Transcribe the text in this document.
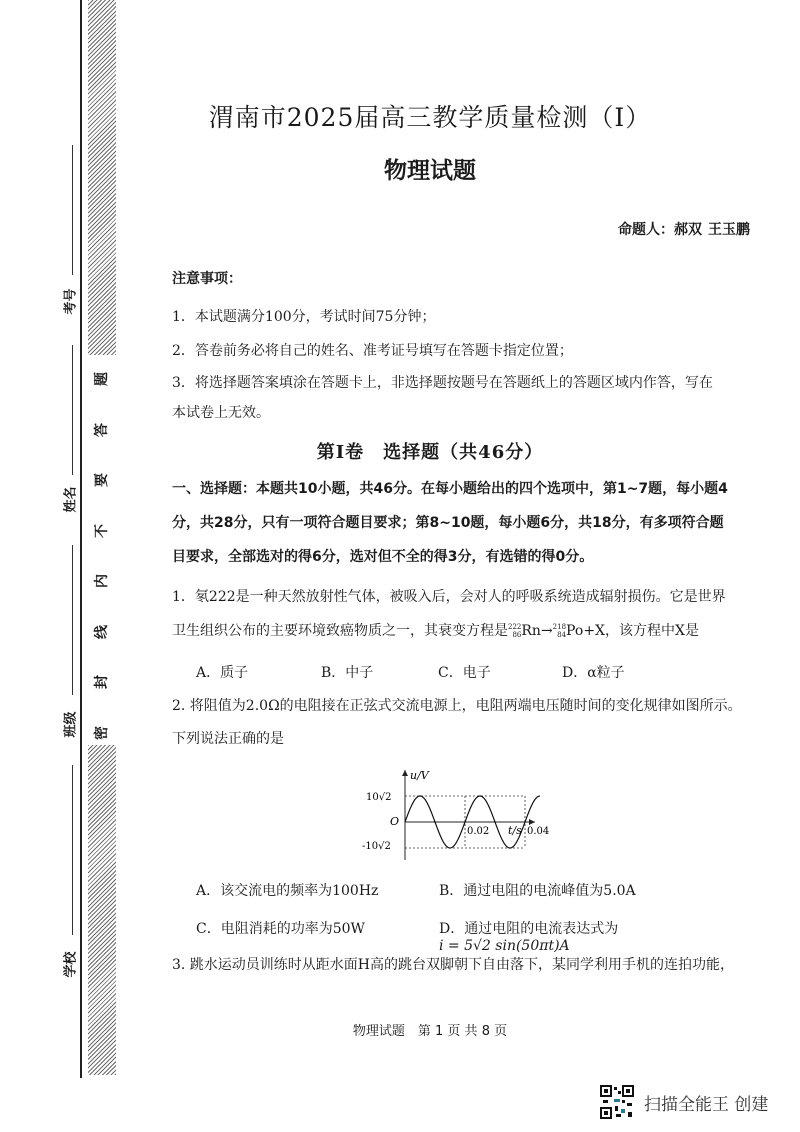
题
答
要
不
内
线
封
密
考号
姓名
班级
学校
渭南市2025届高三教学质量检测（Ⅰ）
物理试题
命题人：郝双 王玉鹏
注意事项：
1．本试题满分100分，考试时间75分钟；
2．答卷前务必将自己的姓名、准考证号填写在答题卡指定位置；
3．将选择题答案填涂在答题卡上，非选择题按题号在答题纸上的答题区域内作答，写在
本试卷上无效。
第Ⅰ卷　选择题（共46分）
一、选择题：本题共10小题，共46分。在每小题给出的四个选项中，第1~7题，每小题4
分，共28分，只有一项符合题目要求；第8~10题，每小题6分，共18分，有多项符合题
目要求，全部选对的得6分，选对但不全的得3分，有选错的得0分。
1．氡222是一种天然放射性气体，被吸入后，会对人的呼吸系统造成辐射损伤。它是世界
卫生组织公布的主要环境致癌物质之一，其衰变方程是 222
86 Rn→ 218
84 Po+X，该方程中X是
A．质子	B．中子	C．电子	D．α粒子
2. 将阻值为2.0Ω的电阻接在正弦式交流电源上，电阻两端电压随时间的变化规律如图所示。
下列说法正确的是
u/V
t/s
O
10√2
-10√2
0.02	0.04
A．该交流电的频率为100Hz	B．通过电阻的电流峰值为5.0A
C．电阻消耗的功率为50W	D．通过电阻的电流表达式为
i = 5√2 sin(50πt)A
3. 跳水运动员训练时从距水面H高的跳台双脚朝下自由落下，某同学利用手机的连拍功能，
物理试题　第 1 页 共 8 页
扫描全能王 创建
